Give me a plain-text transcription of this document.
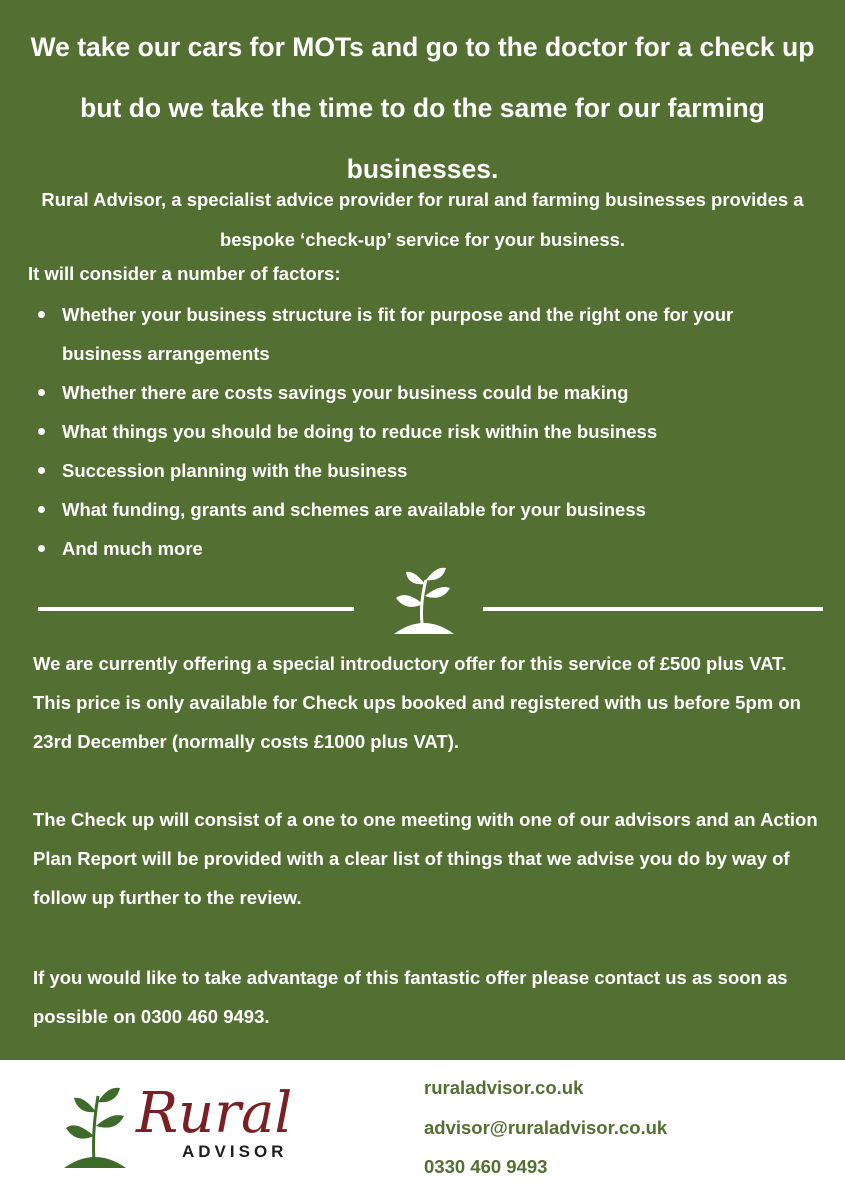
We take our cars for MOTs and go to the doctor for a check up but do we take the time to do the same for our farming businesses.

Rural Advisor, a specialist advice provider for rural and farming businesses provides a bespoke ‘check-up’ service for your business.

It will consider a number of factors:

Whether your business structure is fit for purpose and the right one for your business arrangements
Whether there are costs savings your business could be making
What things you should be doing to reduce risk within the business
Succession planning with the business
What funding, grants and schemes are available for your business
And much more

We are currently offering a special introductory offer for this service of £500 plus VAT. This price is only available for Check ups booked and registered with us before 5pm on 23rd December (normally costs £1000 plus VAT).

The Check up will consist of a one to one meeting with one of our advisors and an Action Plan Report will be provided with a clear list of things that we advise you do by way of follow up further to the review.

If you would like to take advantage of this fantastic offer please contact us as soon as possible on 0300 460 9493.

Rural
ADVISOR
ruraladvisor.co.uk
advisor@ruraladvisor.co.uk
0330 460 9493
